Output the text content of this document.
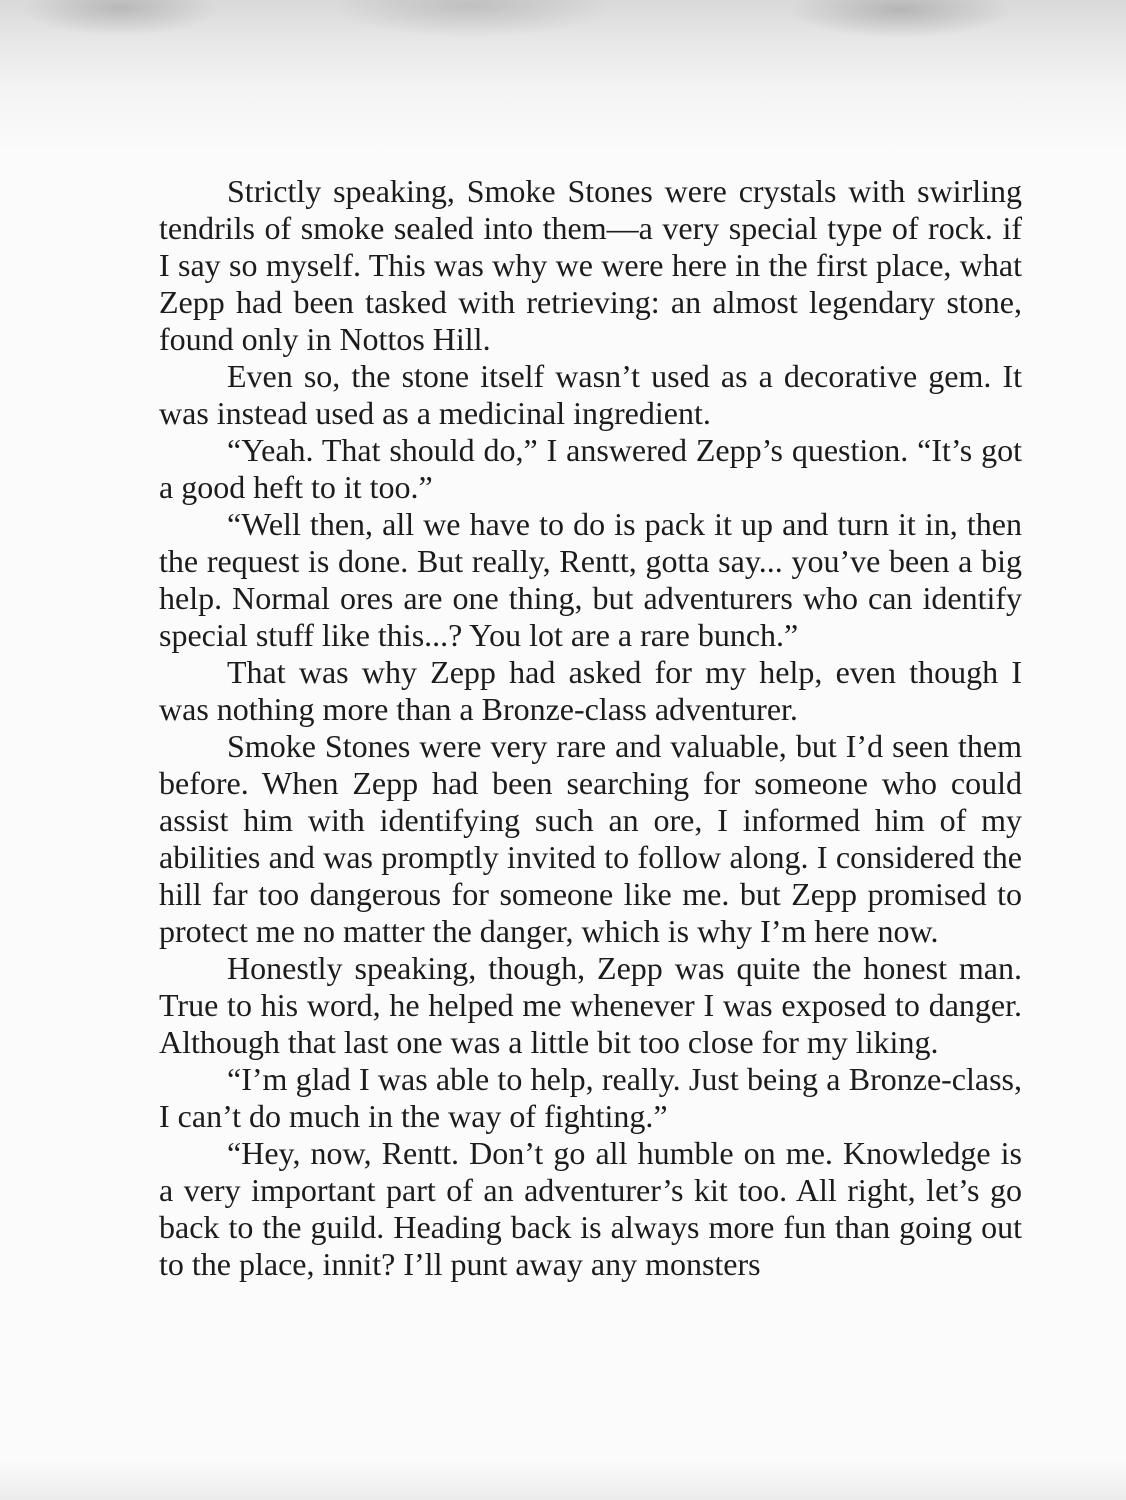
Strictly speaking, Smoke Stones were crystals with swirling tendrils of smoke sealed into them—a very special type of rock. if I say so myself. This was why we were here in the first place, what Zepp had been tasked with retrieving: an almost legendary stone, found only in Nottos Hill.

Even so, the stone itself wasn’t used as a decorative gem. It was instead used as a medicinal ingredient.

“Yeah. That should do,” I answered Zepp’s question. “It’s got a good heft to it too.”

“Well then, all we have to do is pack it up and turn it in, then the request is done. But really, Rentt, gotta say... you’ve been a big help. Normal ores are one thing, but adventurers who can identify special stuff like this...? You lot are a rare bunch.”

That was why Zepp had asked for my help, even though I was nothing more than a Bronze-class adventurer.

Smoke Stones were very rare and valuable, but I’d seen them before. When Zepp had been searching for someone who could assist him with identifying such an ore, I informed him of my abilities and was promptly invited to follow along. I considered the hill far too dangerous for someone like me. but Zepp promised to protect me no matter the danger, which is why I’m here now.

Honestly speaking, though, Zepp was quite the honest man. True to his word, he helped me whenever I was exposed to danger. Although that last one was a little bit too close for my liking.

“I’m glad I was able to help, really. Just being a Bronze-class, I can’t do much in the way of fighting.”

“Hey, now, Rentt. Don’t go all humble on me. Knowledge is a very important part of an adventurer’s kit too. All right, let’s go back to the guild. Heading back is always more fun than going out to the place, innit? I’ll punt away any monsters
